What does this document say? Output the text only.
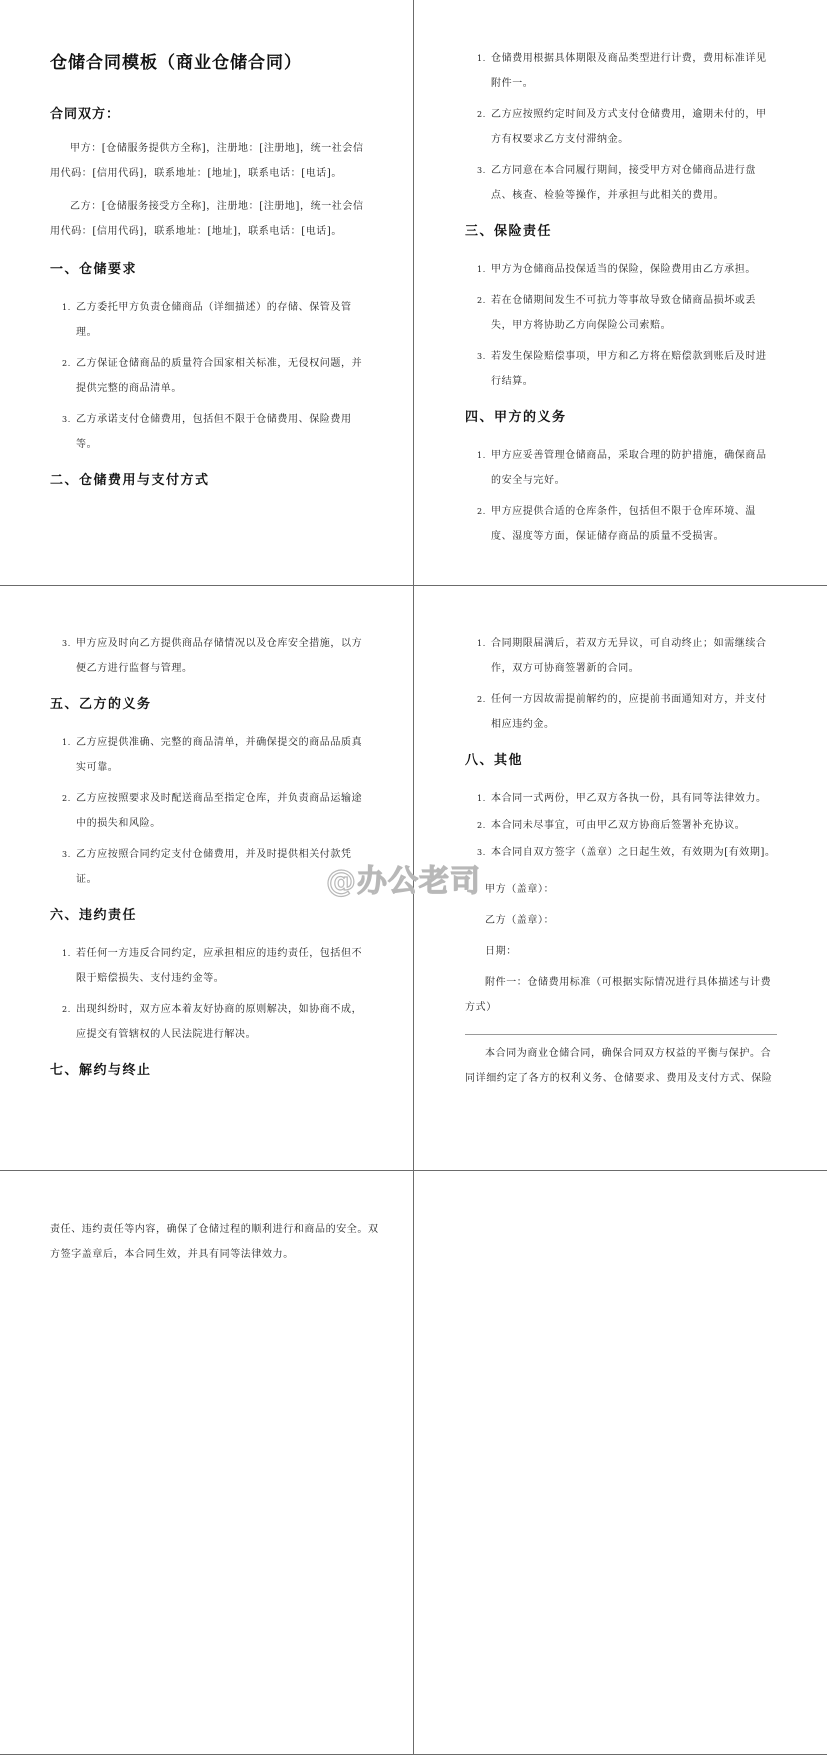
仓储合同模板（商业仓储合同）
合同双方：

甲方：[仓储服务提供方全称]，注册地：[注册地]，统一社会信用代码：[信用代码]，联系地址：[地址]，联系电话：[电话]。

乙方：[仓储服务接受方全称]，注册地：[注册地]，统一社会信用代码：[信用代码]，联系地址：[地址]，联系电话：[电话]。

一、仓储要求
1. 乙方委托甲方负责仓储商品（详细描述）的存储、保管及管理。
2. 乙方保证仓储商品的质量符合国家相关标准，无侵权问题，并提供完整的商品清单。
3. 乙方承诺支付仓储费用，包括但不限于仓储费用、保险费用等。
二、仓储费用与支付方式
1. 仓储费用根据具体期限及商品类型进行计费，费用标准详见附件一。
2. 乙方应按照约定时间及方式支付仓储费用，逾期未付的，甲方有权要求乙方支付滞纳金。
3. 乙方同意在本合同履行期间，接受甲方对仓储商品进行盘点、核查、检验等操作，并承担与此相关的费用。
三、保险责任
1. 甲方为仓储商品投保适当的保险，保险费用由乙方承担。
2. 若在仓储期间发生不可抗力等事故导致仓储商品损坏或丢失，甲方将协助乙方向保险公司索赔。
3. 若发生保险赔偿事项，甲方和乙方将在赔偿款到账后及时进行结算。
四、甲方的义务
1. 甲方应妥善管理仓储商品，采取合理的防护措施，确保商品的安全与完好。
2. 甲方应提供合适的仓库条件，包括但不限于仓库环境、温度、湿度等方面，保证储存商品的质量不受损害。
3. 甲方应及时向乙方提供商品存储情况以及仓库安全措施，以方便乙方进行监督与管理。
五、乙方的义务
1. 乙方应提供准确、完整的商品清单，并确保提交的商品品质真实可靠。
2. 乙方应按照要求及时配送商品至指定仓库，并负责商品运输途中的损失和风险。
3. 乙方应按照合同约定支付仓储费用，并及时提供相关付款凭证。
六、违约责任
1. 若任何一方违反合同约定，应承担相应的违约责任，包括但不限于赔偿损失、支付违约金等。
2. 出现纠纷时，双方应本着友好协商的原则解决，如协商不成，应提交有管辖权的人民法院进行解决。
七、解约与终止
1. 合同期限届满后，若双方无异议，可自动终止；如需继续合作，双方可协商签署新的合同。
2. 任何一方因故需提前解约的，应提前书面通知对方，并支付相应违约金。
八、其他
1. 本合同一式两份，甲乙双方各执一份，具有同等法律效力。
2. 本合同未尽事宜，可由甲乙双方协商后签署补充协议。
3. 本合同自双方签字（盖章）之日起生效，有效期为[有效期]。

甲方（盖章）：

乙方（盖章）：

日期：

附件一：仓储费用标准（可根据实际情况进行具体描述与计费方式）

本合同为商业仓储合同，确保合同双方权益的平衡与保护。合同详细约定了各方的权利义务、仓储要求、费用及支付方式、保险

责任、违约责任等内容，确保了仓储过程的顺利进行和商品的安全。双方签字盖章后，本合同生效，并具有同等法律效力。

@办公老司
